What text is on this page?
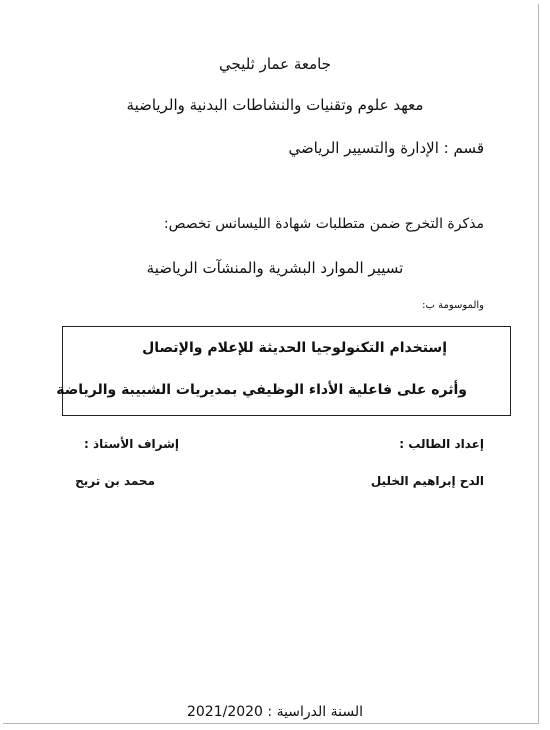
جامعة عمار ثليجي
معهد علوم وتقنيات والنشاطات البدنية والرياضية
قسم : الإدارة والتسيير الرياضي
مذكرة التخرج ضمن متطلبات شهادة الليسانس تخصص:
تسيير الموارد البشرية والمنشآت الرياضية
والموسومة ب:
إستخدام التكنولوجيا الحديثة للإعلام والإتصال
وأثره على فاعلية الأداء الوظيفي بمديريات الشبيبة والرياضة
إعداد الطالب :
إشراف الأستاذ :
الدح إبراهيم الخليل
محمد بن تريح
السنة الدراسية : 2021/2020
